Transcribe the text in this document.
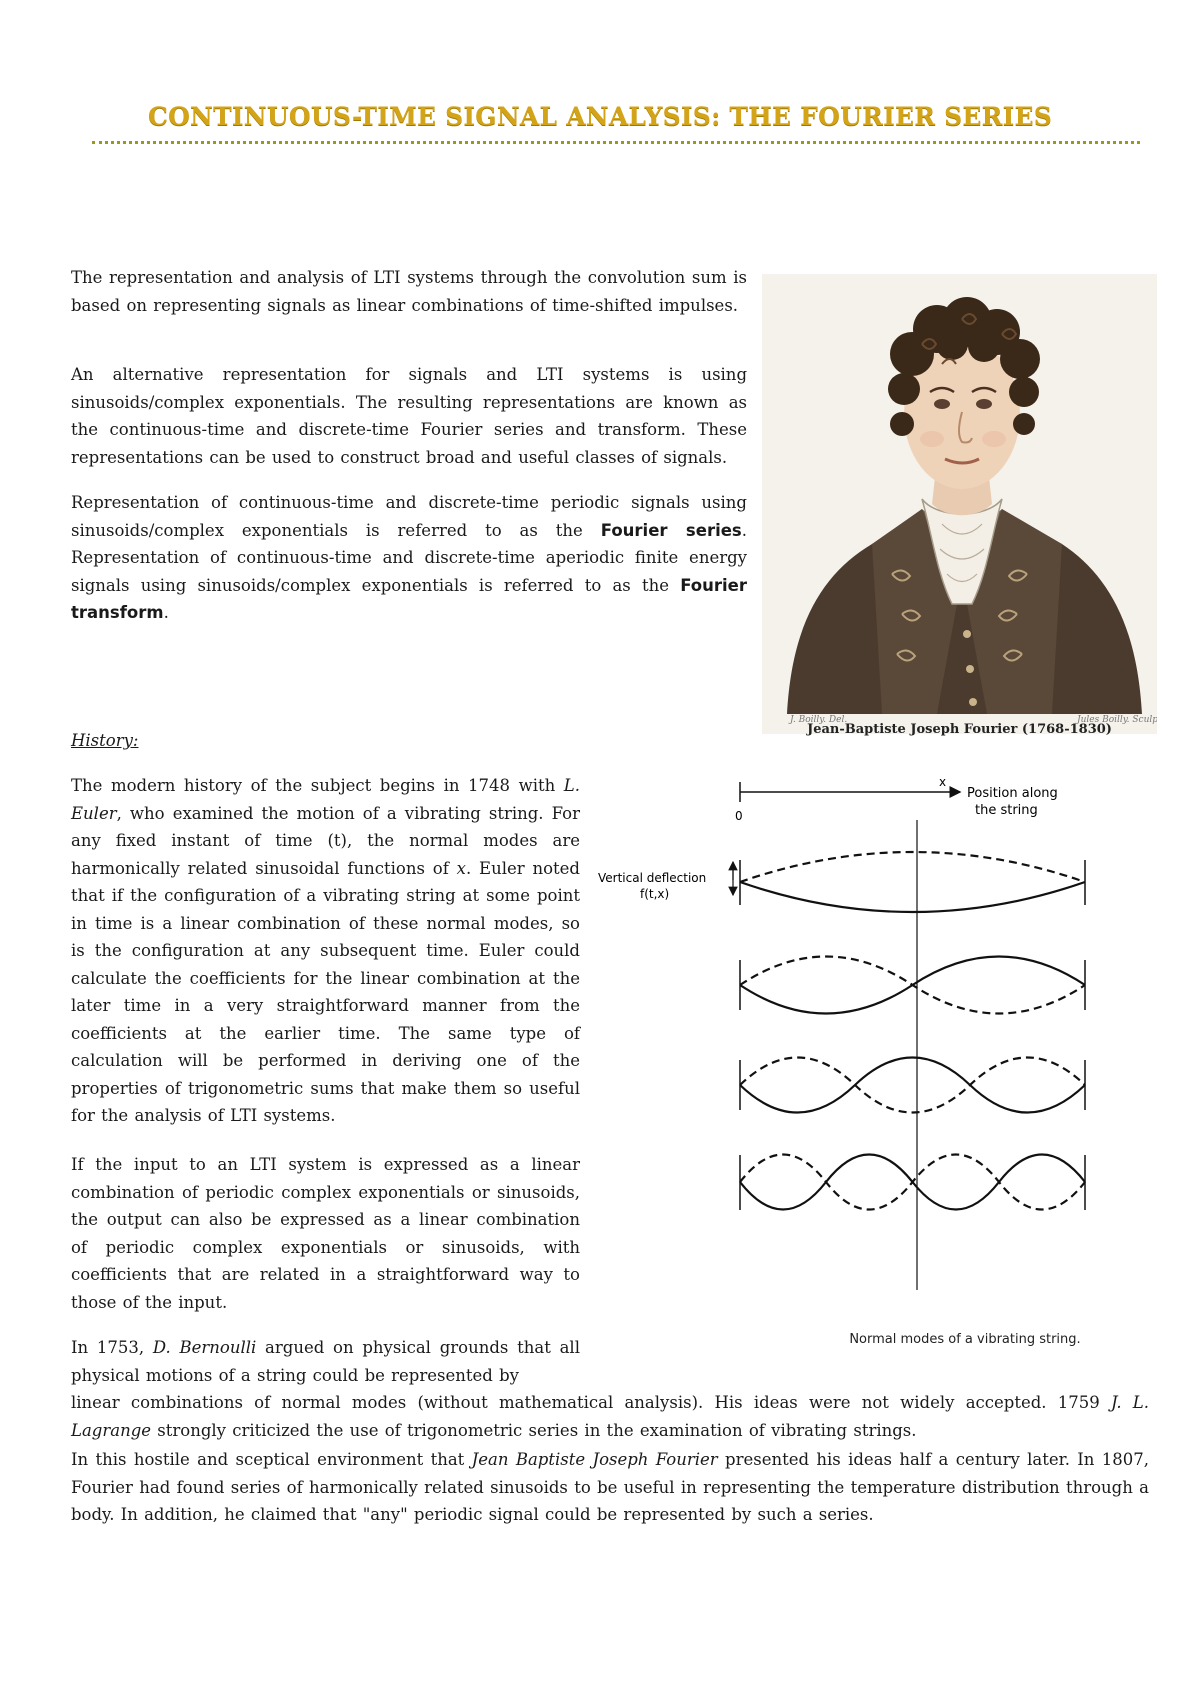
CONTINUOUS-TIME SIGNAL ANALYSIS: THE FOURIER SERIES

The representation and analysis of LTI systems through the convolution sum is based on representing signals as linear combinations of time-shifted impulses.

An alternative representation for signals and LTI systems is using sinusoids/complex exponentials. The resulting representations are known as the continuous-time and discrete-time Fourier series and transform. These representations can be used to construct broad and useful classes of signals.

Representation of continuous-time and discrete-time periodic signals using sinusoids/complex exponentials is referred to as the Fourier series. Representation of continuous-time and discrete-time aperiodic finite energy signals using sinusoids/complex exponentials is referred to as the Fourier transform.

J. Boilly. Del.	Jules Boilly. Sculp.
Jean-Baptiste Joseph Fourier (1768-1830)
History:

The modern history of the subject begins in 1748 with L. Euler, who examined the motion of a vibrating string. For any fixed instant of time (t), the normal modes are harmonically related sinusoidal functions of x. Euler noted that if the configuration of a vibrating string at some point in time is a linear combination of these normal modes, so is the configuration at any subsequent time. Euler could calculate the coefficients for the linear combination at the later time in a very straightforward manner from the coefficients at the earlier time. The same type of calculation will be performed in deriving one of the properties of trigonometric sums that make them so useful for the analysis of LTI systems.

If the input to an LTI system is expressed as a linear combination of periodic complex exponentials or sinusoids, the output can also be expressed as a linear combination of periodic complex exponentials or sinusoids, with coefficients that are related in a straightforward way to those of the input.

In 1753, D. Bernoulli argued on physical grounds that all physical motions of a string could be represented by

linear combinations of normal modes (without mathematical analysis). His ideas were not widely accepted. 1759 J. L. Lagrange strongly criticized the use of trigonometric series in the examination of vibrating strings.

In this hostile and sceptical environment that Jean Baptiste Joseph Fourier presented his ideas half a century later. In 1807, Fourier had found series of harmonically related sinusoids to be useful in representing the temperature distribution through a body. In addition, he claimed that "any" periodic signal could be represented by such a series.

0
x
Position along
the string
Vertical deflection
f(t,x)
Normal modes of a vibrating string.
